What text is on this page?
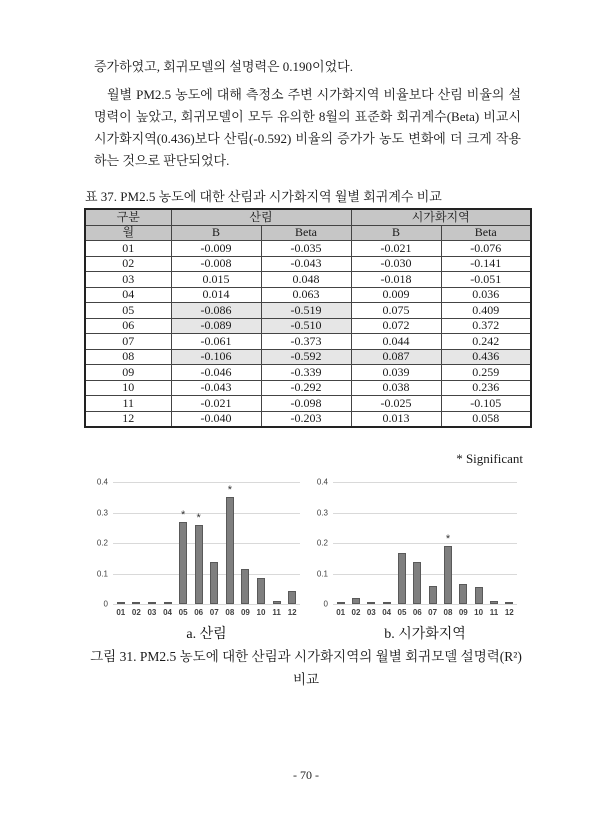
증가하였고, 회귀모델의 설명력은 0.190이었다.
월별 PM2.5 농도에 대해 측정소 주변 시가화지역 비율보다 산림 비율의 설
명력이 높았고, 회귀모델이 모두 유의한 8월의 표준화 회귀계수(Beta) 비교시
시가화지역(0.436)보다 산림(-0.592) 비율의 증가가 농도 변화에 더 크게 작용
하는 것으로 판단되었다.
표 37. PM2.5 농도에 대한 산림과 시가화지역 월별 회귀계수 비교
구분	산림		시가화지역	
월	B	Beta	B	Beta
01	-0.009	-0.035	-0.021	-0.076
02	-0.008	-0.043	-0.030	-0.141
03	0.015	0.048	-0.018	-0.051
04	0.014	0.063	0.009	0.036
05	-0.086	-0.519	0.075	0.409
06	-0.089	-0.510	0.072	0.372
07	-0.061	-0.373	0.044	0.242
08	-0.106	-0.592	0.087	0.436
09	-0.046	-0.339	0.039	0.259
10	-0.043	-0.292	0.038	0.236
11	-0.021	-0.098	-0.025	-0.105
12	-0.040	-0.203	0.013	0.058
* Significant
0
0.1
0.2
0.3
0.4
* *
*
01 02 03 04 05 06 07 08 09 10 11 12
a. 산림
0
0.1
0.2
0.3
0.4
*
01 02 03 04 05 06 07 08 09 10 11 12
b. 시가화지역
그림 31. PM2.5 농도에 대한 산림과 시가화지역의 월별 회귀모델 설명력(R²)
비교
- 70 -
